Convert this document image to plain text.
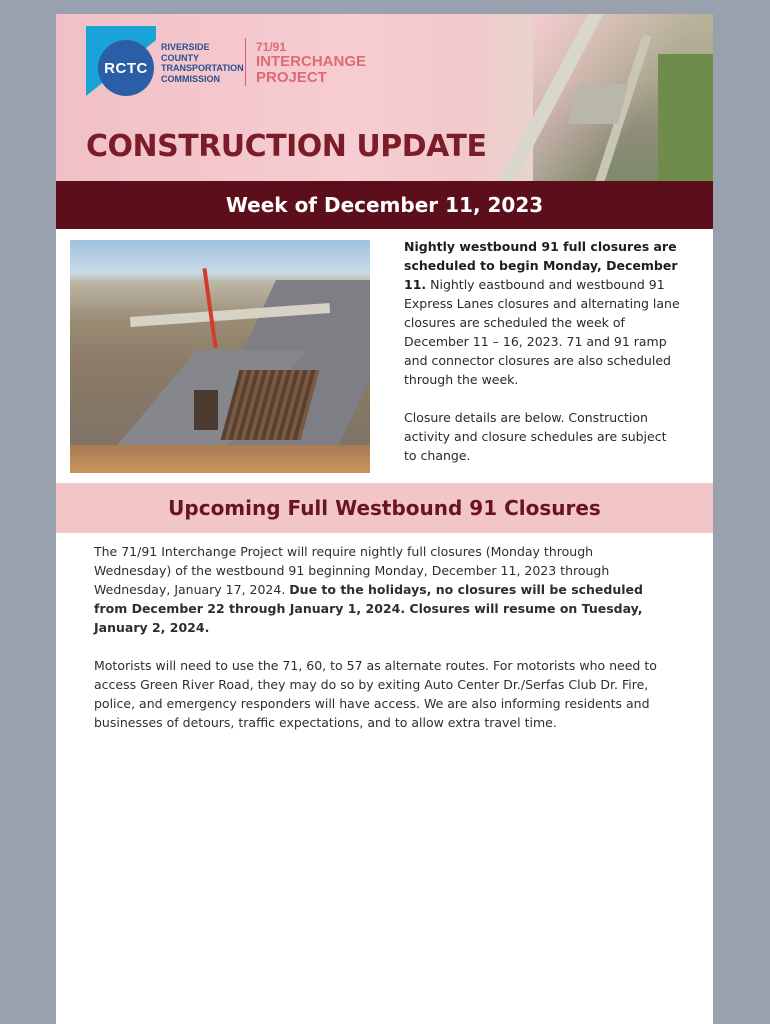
RCTC
RIVERSIDE
COUNTY
TRANSPORTATION
COMMISSION
71/91
INTERCHANGE
PROJECT
CONSTRUCTION UPDATE
Week of December 11, 2023

Nightly westbound 91 full closures are scheduled to begin Monday, December 11. Nightly eastbound and westbound 91 Express Lanes closures and alternating lane closures are scheduled the week of December 11 – 16, 2023. 71 and 91 ramp and connector closures are also scheduled through the week.

Closure details are below. Construction activity and closure schedules are subject to change.

Upcoming Full Westbound 91 Closures

The 71/91 Interchange Project will require nightly full closures (Monday through Wednesday) of the westbound 91 beginning Monday, December 11, 2023 through Wednesday, January 17, 2024. Due to the holidays, no closures will be scheduled from December 22 through January 1, 2024. Closures will resume on Tuesday, January 2, 2024.

Motorists will need to use the 71, 60, to 57 as alternate routes. For motorists who need to access Green River Road, they may do so by exiting Auto Center Dr./Serfas Club Dr. Fire, police, and emergency responders will have access. We are also informing residents and businesses of detours, traffic expectations, and to allow extra travel time.
